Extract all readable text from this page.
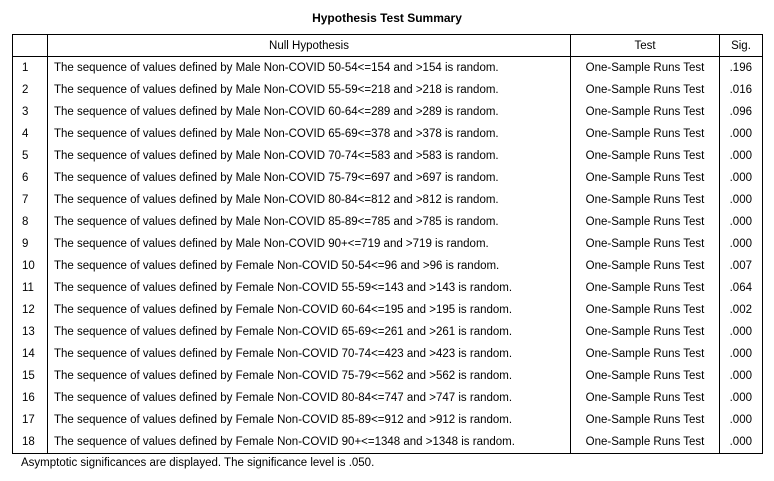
Hypothesis Test Summary
	Null Hypothesis	Test	Sig.
1	The sequence of values defined by Male Non-COVID 50-54<=154 and >154 is random.	One-Sample Runs Test	.196
2	The sequence of values defined by Male Non-COVID 55-59<=218 and >218 is random.	One-Sample Runs Test	.016
3	The sequence of values defined by Male Non-COVID 60-64<=289 and >289 is random.	One-Sample Runs Test	.096
4	The sequence of values defined by Male Non-COVID 65-69<=378 and >378 is random.	One-Sample Runs Test	.000
5	The sequence of values defined by Male Non-COVID 70-74<=583 and >583 is random.	One-Sample Runs Test	.000
6	The sequence of values defined by Male Non-COVID 75-79<=697 and >697 is random.	One-Sample Runs Test	.000
7	The sequence of values defined by Male Non-COVID 80-84<=812 and >812 is random.	One-Sample Runs Test	.000
8	The sequence of values defined by Male Non-COVID 85-89<=785 and >785 is random.	One-Sample Runs Test	.000
9	The sequence of values defined by Male Non-COVID 90+<=719 and >719 is random.	One-Sample Runs Test	.000
10	The sequence of values defined by Female Non-COVID 50-54<=96 and >96 is random.	One-Sample Runs Test	.007
11	The sequence of values defined by Female Non-COVID 55-59<=143 and >143 is random.	One-Sample Runs Test	.064
12	The sequence of values defined by Female Non-COVID 60-64<=195 and >195 is random.	One-Sample Runs Test	.002
13	The sequence of values defined by Female Non-COVID 65-69<=261 and >261 is random.	One-Sample Runs Test	.000
14	The sequence of values defined by Female Non-COVID 70-74<=423 and >423 is random.	One-Sample Runs Test	.000
15	The sequence of values defined by Female Non-COVID 75-79<=562 and >562 is random.	One-Sample Runs Test	.000
16	The sequence of values defined by Female Non-COVID 80-84<=747 and >747 is random.	One-Sample Runs Test	.000
17	The sequence of values defined by Female Non-COVID 85-89<=912 and >912 is random.	One-Sample Runs Test	.000
18	The sequence of values defined by Female Non-COVID 90+<=1348 and >1348 is random.	One-Sample Runs Test	.000
Asymptotic significances are displayed. The significance level is .050.
